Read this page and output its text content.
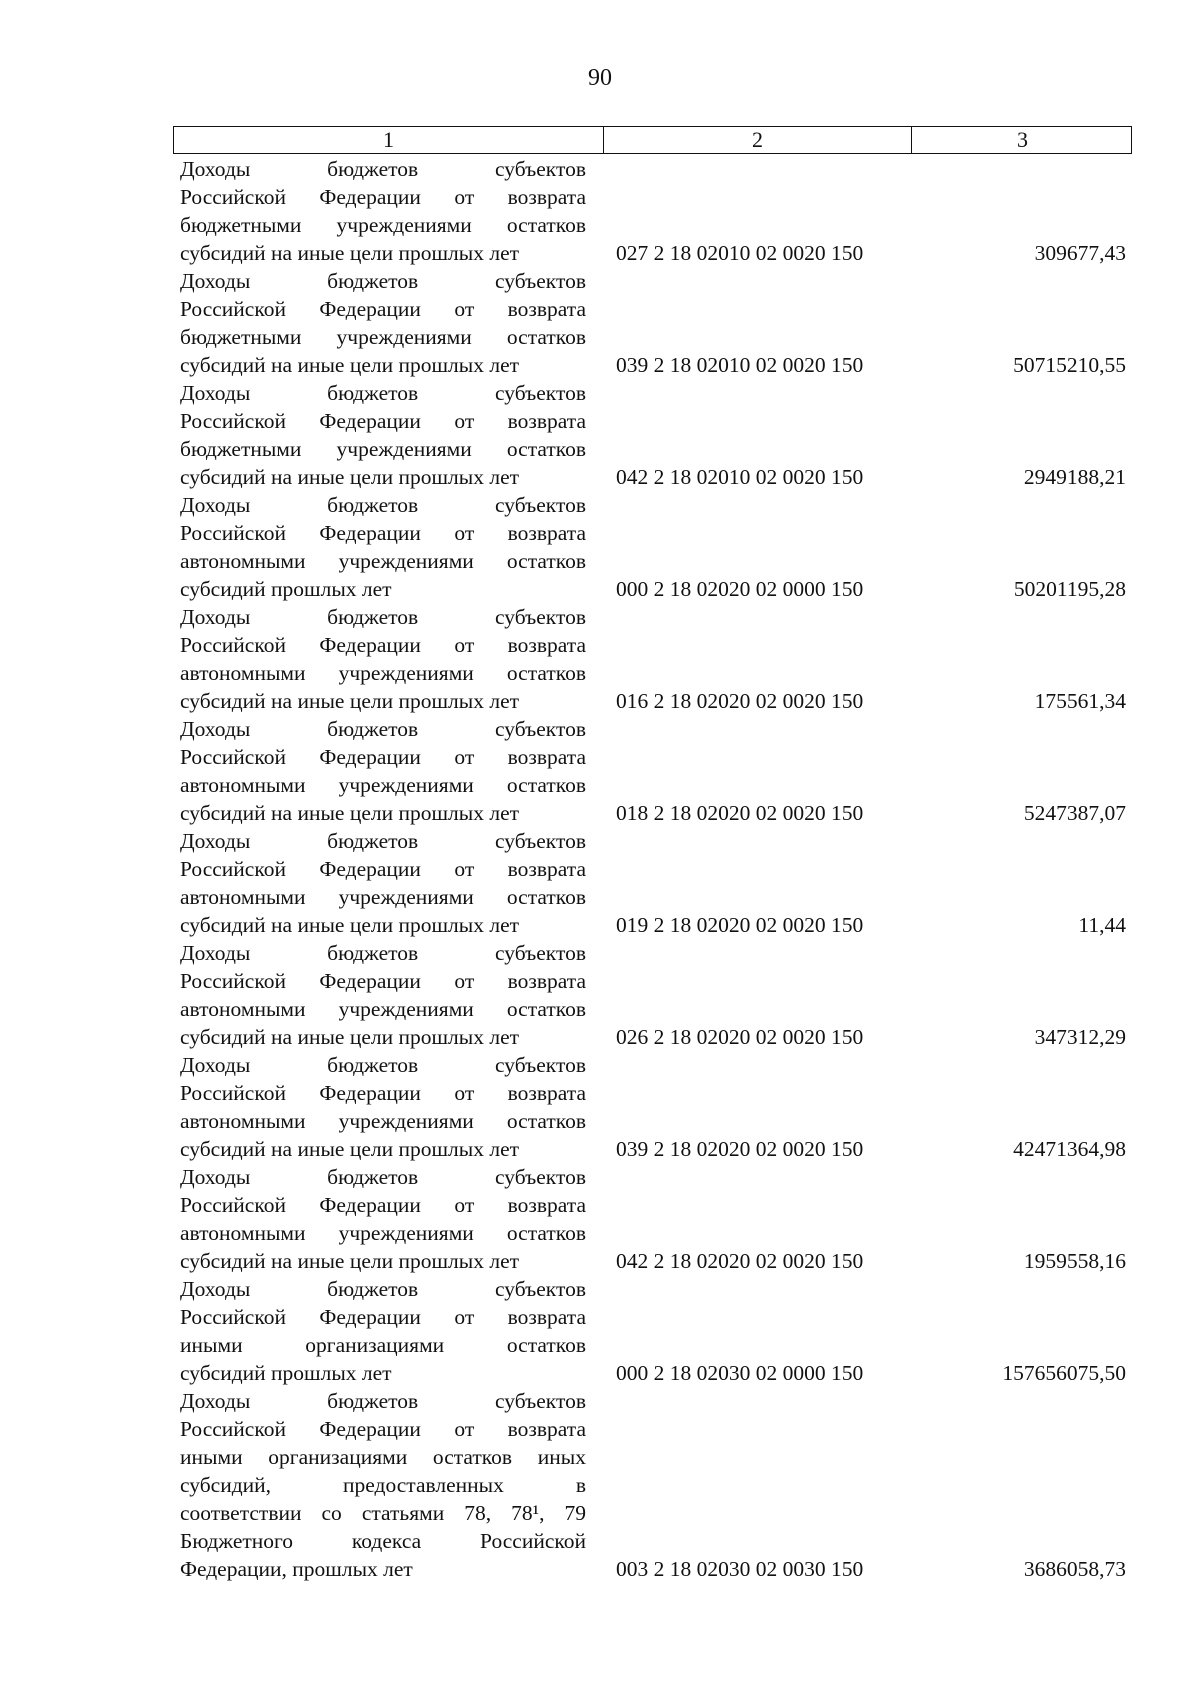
90
1	2	3
Доходы бюджетов субъектов
Российской Федерации от возврата
бюджетными учреждениями остатков
субсидий на иные цели прошлых лет	027 2 18 02010 02 0020 150	309677,43
Доходы бюджетов субъектов
Российской Федерации от возврата
бюджетными учреждениями остатков
субсидий на иные цели прошлых лет	039 2 18 02010 02 0020 150	50715210,55
Доходы бюджетов субъектов
Российской Федерации от возврата
бюджетными учреждениями остатков
субсидий на иные цели прошлых лет	042 2 18 02010 02 0020 150	2949188,21
Доходы бюджетов субъектов
Российской Федерации от возврата
автономными учреждениями остатков
субсидий прошлых лет	000 2 18 02020 02 0000 150	50201195,28
Доходы бюджетов субъектов
Российской Федерации от возврата
автономными учреждениями остатков
субсидий на иные цели прошлых лет	016 2 18 02020 02 0020 150	175561,34
Доходы бюджетов субъектов
Российской Федерации от возврата
автономными учреждениями остатков
субсидий на иные цели прошлых лет	018 2 18 02020 02 0020 150	5247387,07
Доходы бюджетов субъектов
Российской Федерации от возврата
автономными учреждениями остатков
субсидий на иные цели прошлых лет	019 2 18 02020 02 0020 150	11,44
Доходы бюджетов субъектов
Российской Федерации от возврата
автономными учреждениями остатков
субсидий на иные цели прошлых лет	026 2 18 02020 02 0020 150	347312,29
Доходы бюджетов субъектов
Российской Федерации от возврата
автономными учреждениями остатков
субсидий на иные цели прошлых лет	039 2 18 02020 02 0020 150	42471364,98
Доходы бюджетов субъектов
Российской Федерации от возврата
автономными учреждениями остатков
субсидий на иные цели прошлых лет	042 2 18 02020 02 0020 150	1959558,16
Доходы бюджетов субъектов
Российской Федерации от возврата
иными организациями остатков
субсидий прошлых лет	000 2 18 02030 02 0000 150	157656075,50
Доходы бюджетов субъектов
Российской Федерации от возврата
иными организациями остатков иных
субсидий, предоставленных в
соответствии со статьями 78, 78¹, 79
Бюджетного кодекса Российской
Федерации, прошлых лет	003 2 18 02030 02 0030 150	3686058,73
